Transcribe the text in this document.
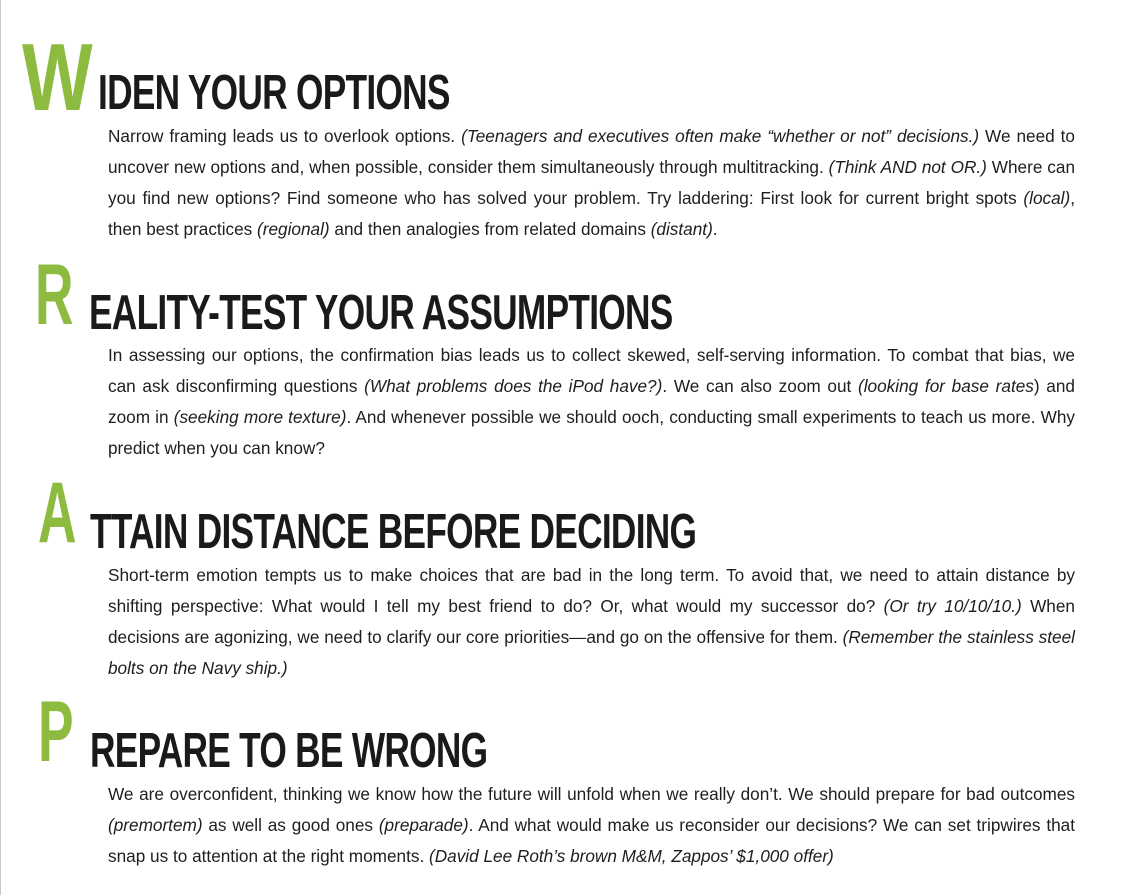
W IDEN YOUR OPTIONS
Narrow framing leads us to overlook options. (Teenagers and executives often make “whether or not” decisions.) We need to uncover new options and, when possible, consider them simultaneously through multitracking. (Think AND not OR.) Where can you find new options? Find someone who has solved your problem. Try laddering: First look for current bright spots (local), then best practices (regional) and then analogies from related domains (distant).
R EALITY-TEST YOUR ASSUMPTIONS
In assessing our options, the confirmation bias leads us to collect skewed, self-serving information. To combat that bias, we can ask disconfirming questions (What problems does the iPod have?). We can also zoom out (looking for base rates) and zoom in (seeking more texture). And whenever possible we should ooch, conducting small experiments to teach us more. Why predict when you can know?
A TTAIN DISTANCE BEFORE DECIDING
Short-term emotion tempts us to make choices that are bad in the long term. To avoid that, we need to attain distance by shifting perspective: What would I tell my best friend to do? Or, what would my successor do? (Or try 10/10/10.) When decisions are agonizing, we need to clarify our core priorities—and go on the offensive for them. (Remember the stainless steel bolts on the Navy ship.)
P REPARE TO BE WRONG
We are overconfident, thinking we know how the future will unfold when we really don’t. We should prepare for bad outcomes (premortem) as well as good ones (preparade). And what would make us reconsider our decisions? We can set tripwires that snap us to attention at the right moments. (David Lee Roth’s brown M&M, Zappos’ $1,000 offer)
